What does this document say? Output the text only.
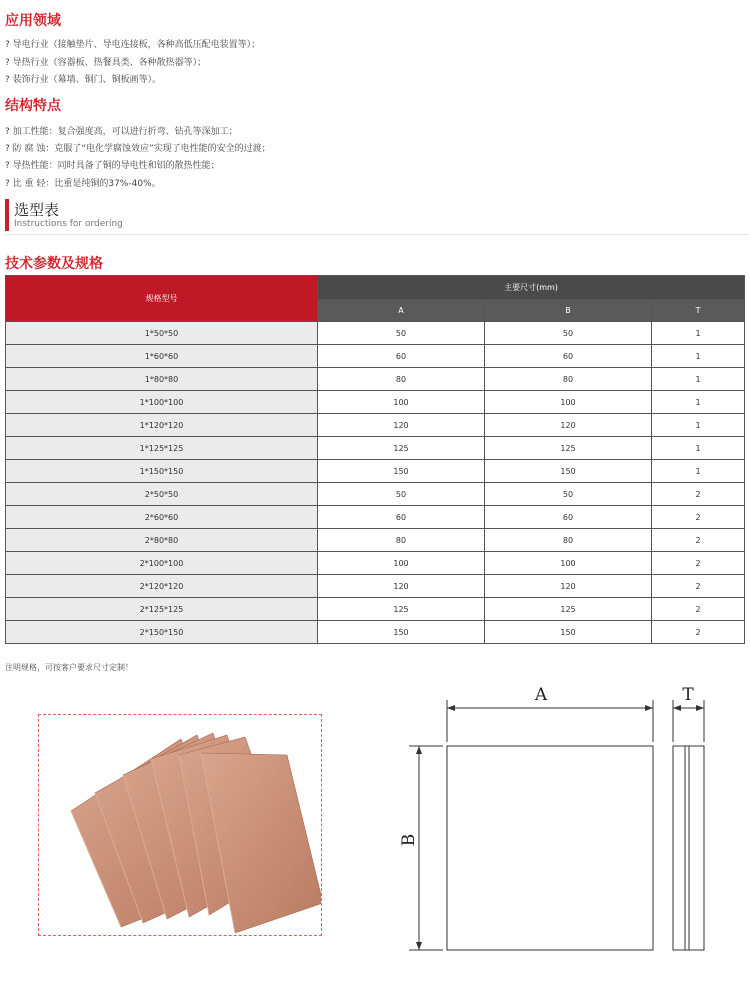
应用领域
? 导电行业（接触垫片、导电连接板，各种高低压配电装置等）；
? 导热行业（容器板、热餐具类、各种散热器等）；
? 装饰行业（幕墙、铜门、铜板画等）。
结构特点
? 加工性能：复合强度高，可以进行折弯、钻孔等深加工；
? 防 腐 蚀：克服了“电化学腐蚀效应”实现了电性能的安全的过渡；
? 导热性能：同时具备了铜的导电性和铝的散热性能；
? 比 重 轻：比重是纯铜的37%-40%。
选型表
Instructions for ordering
技术参数及规格
规格型号	主要尺寸(mm)		
	A	B	T
1*50*50	50	50	1
1*60*60	60	60	1
1*80*80	80	80	1
1*100*100	100	100	1
1*120*120	120	120	1
1*125*125	125	125	1
1*150*150	150	150	1
2*50*50	50	50	2
2*60*60	60	60	2
2*80*80	80	80	2
2*100*100	100	100	2
2*120*120	120	120	2
2*125*125	125	125	2
2*150*150	150	150	2
注明规格，可按客户要求尺寸定制！
A	T
B
